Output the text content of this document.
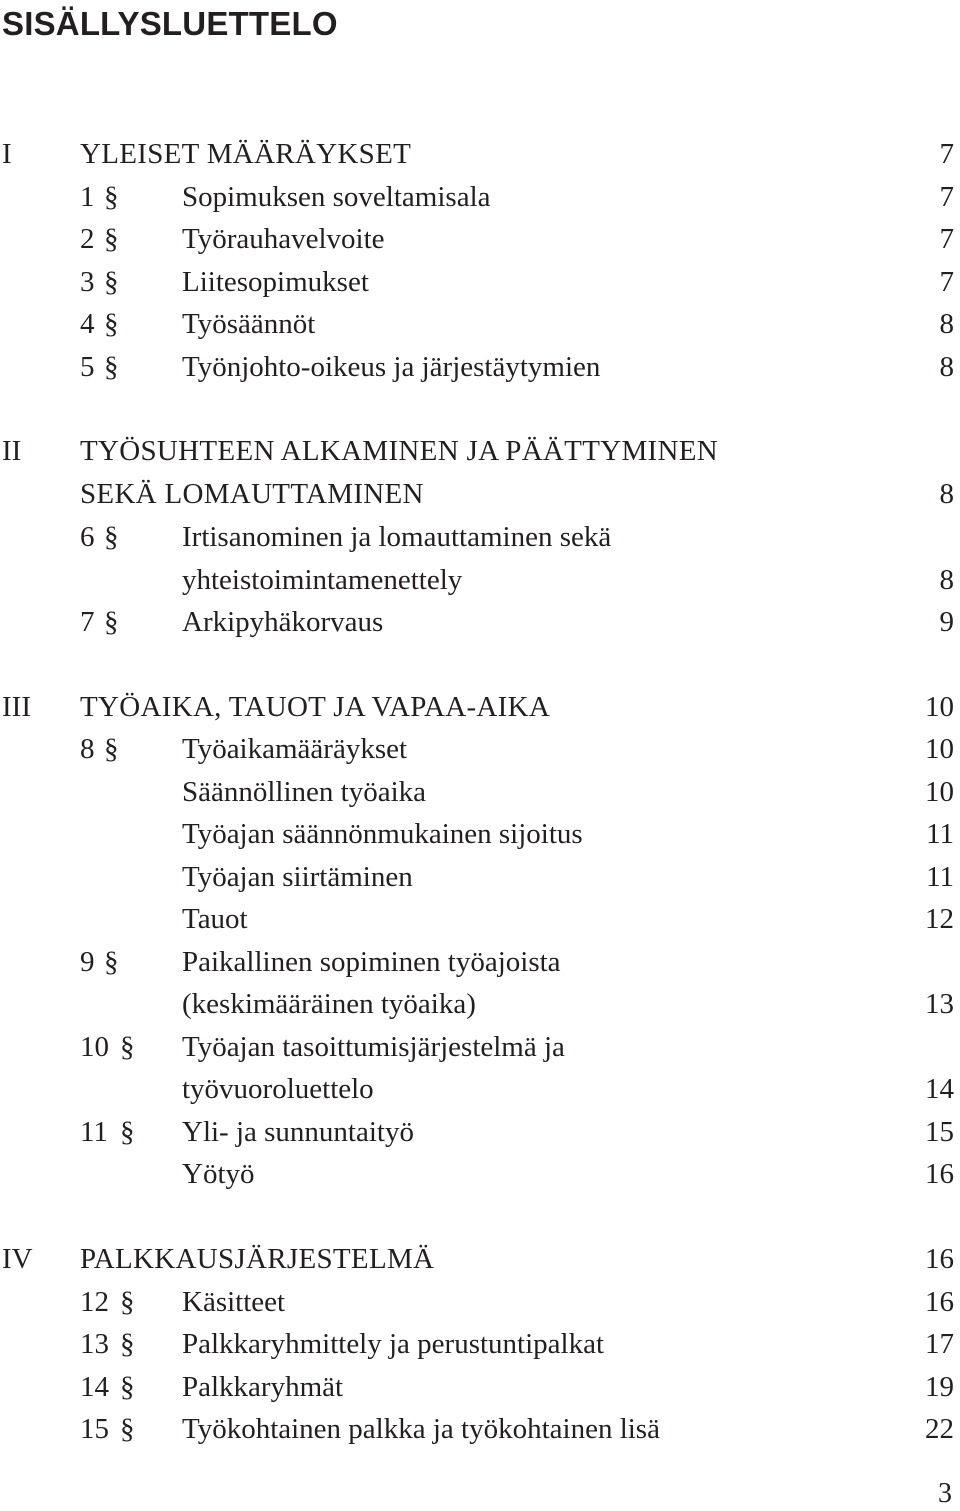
SISÄLLYSLUETTELO
I YLEISET MÄÄRÄYKSET	7
1 § Sopimuksen soveltamisala	7
2 § Työrauhavelvoite	7
3 § Liitesopimukset	7
4 § Työsäännöt	8
5 § Työnjohto-oikeus ja järjestäytymien	8
II TYÖSUHTEEN ALKAMINEN JA PÄÄTTYMINEN
SEKÄ LOMAUTTAMINEN	8
6 § Irtisanominen ja lomauttaminen sekä
yhteistoimintamenettely	8
7 § Arkipyhäkorvaus	9
III TYÖAIKA, TAUOT JA VAPAA-AIKA	10
8 § Työaikamääräykset	10
Säännöllinen työaika	10
Työajan säännönmukainen sijoitus	11
Työajan siirtäminen	11
Tauot	12
9 § Paikallinen sopiminen työajoista
(keskimääräinen työaika)	13
10 § Työajan tasoittumisjärjestelmä ja
työvuoroluettelo	14
11 § Yli- ja sunnuntaityö	15
Yötyö	16
IV PALKKAUSJÄRJESTELMÄ	16
12 § Käsitteet	16
13 § Palkkaryhmittely ja perustuntipalkat	17
14 § Palkkaryhmät	19
15 § Työkohtainen palkka ja työkohtainen lisä	22
3
